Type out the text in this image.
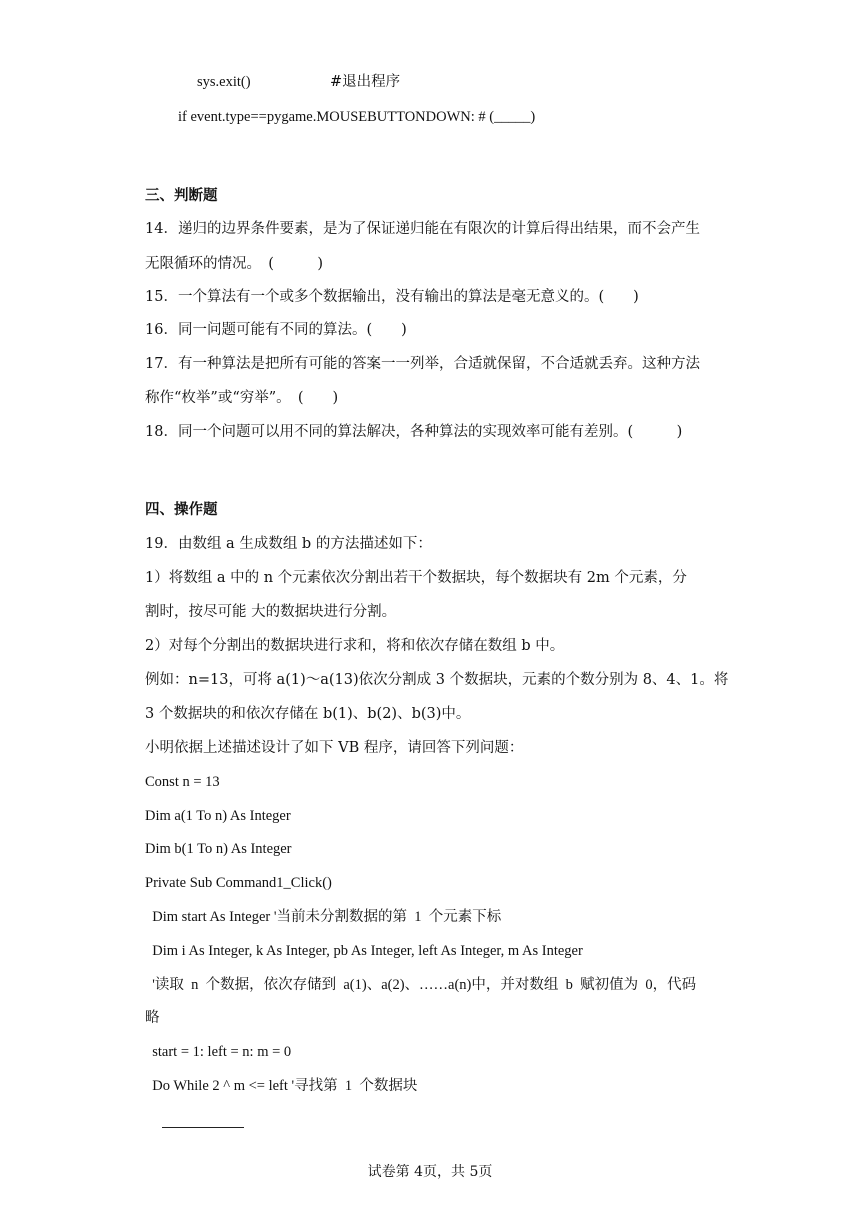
sys.exit()	#退出程序
if event.type==pygame.MOUSEBUTTONDOWN: # (_____)
三、判断题
14．递归的边界条件要素，是为了保证递归能在有限次的计算后得出结果，而不会产生
无限循环的情况。　(　　　)
15．一个算法有一个或多个数据输出，没有输出的算法是毫无意义的。(　　)
16．同一问题可能有不同的算法。(　　)
17．有一种算法是把所有可能的答案一一列举，合适就保留，不合适就丢弃。这种方法
称作“枚举”或“穷举”。　(　　)
18．同一个问题可以用不同的算法解决，各种算法的实现效率可能有差别。(　　　)
四、操作题
19．由数组 a 生成数组 b 的方法描述如下：
1）将数组 a 中的 n 个元素依次分割出若干个数据块，每个数据块有 2m 个元素，分
割时，按尽可能 大的数据块进行分割。
2）对每个分割出的数据块进行求和，将和依次存储在数组 b 中。
例如：n=13，可将 a(1)～a(13)依次分割成 3 个数据块，元素的个数分别为 8、4、1。将
3 个数据块的和依次存储在 b(1)、b(2)、b(3)中。
小明依据上述描述设计了如下 VB 程序，请回答下列问题：
Const n = 13
Dim a(1 To n) As Integer
Dim b(1 To n) As Integer
Private Sub Command1_Click()
Dim start As Integer '当前未分割数据的第  1  个元素下标
Dim i As Integer, k As Integer, pb As Integer, left As Integer, m As Integer
'读取  n  个数据，依次存储到  a(1)、a(2)、……a(n)中，并对数组  b  赋初值为  0，代码
略
start = 1: left = n: m = 0
Do While 2 ^ m <= left '寻找第  1  个数据块
试卷第 4页，共 5页
